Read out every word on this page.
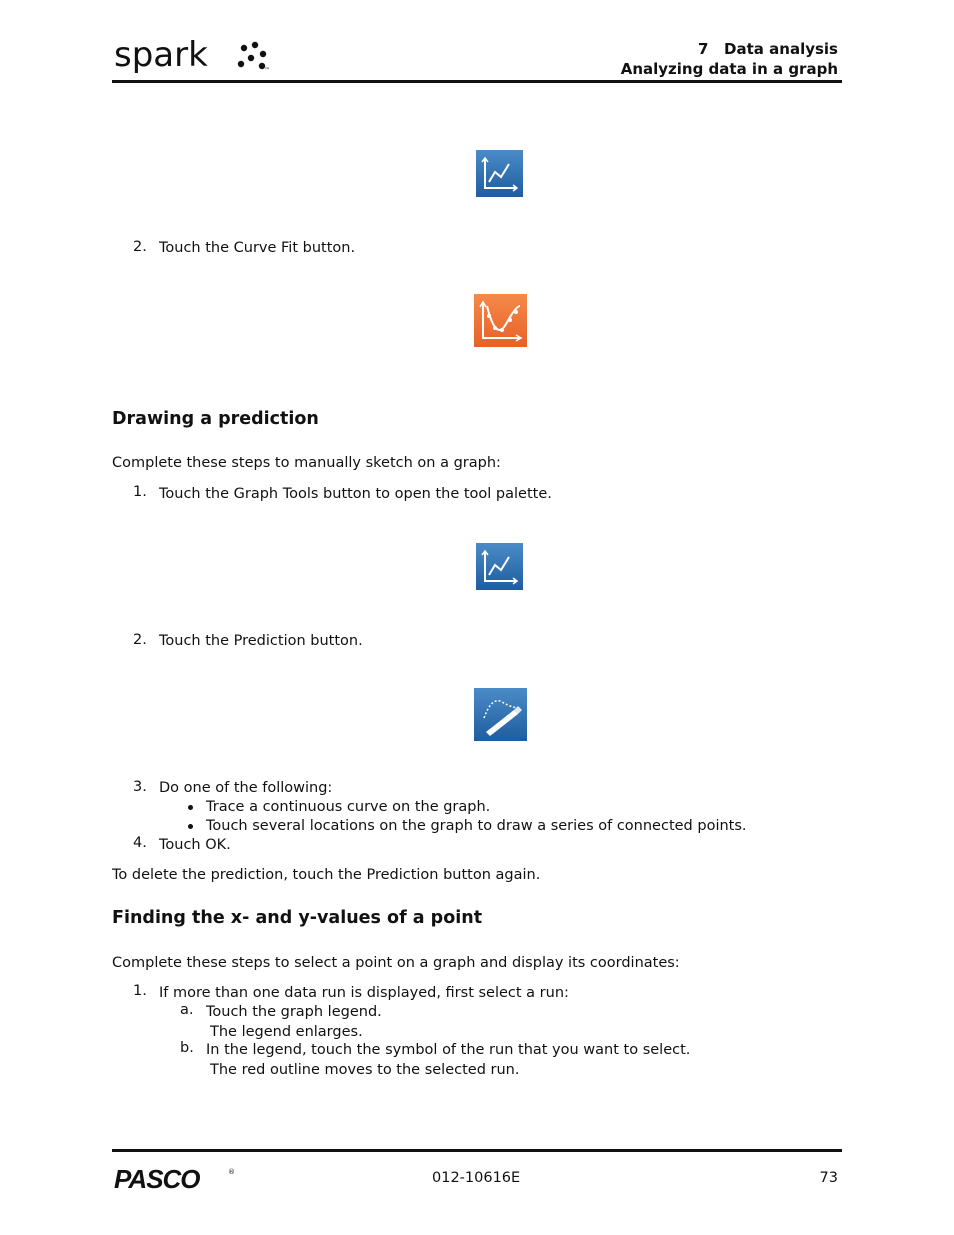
spark	™
7   Data analysis
Analyzing data in a graph
2. Touch the Curve Fit button.
Drawing a prediction
Complete these steps to manually sketch on a graph:
1. Touch the Graph Tools button to open the tool palette.
2. Touch the Prediction button.
3. Do one of the following:
Trace a continuous curve on the graph.
Touch several locations on the graph to draw a series of connected points.
4. Touch OK.
To delete the prediction, touch the Prediction button again.
Finding the x- and y-values of a point
Complete these steps to select a point on a graph and display its coordinates:
1. If more than one data run is displayed, first select a run:
a. Touch the graph legend.
The legend enlarges.
b. In the legend, touch the symbol of the run that you want to select.
The red outline moves to the selected run.
PASCO	®	012-10616E	73
